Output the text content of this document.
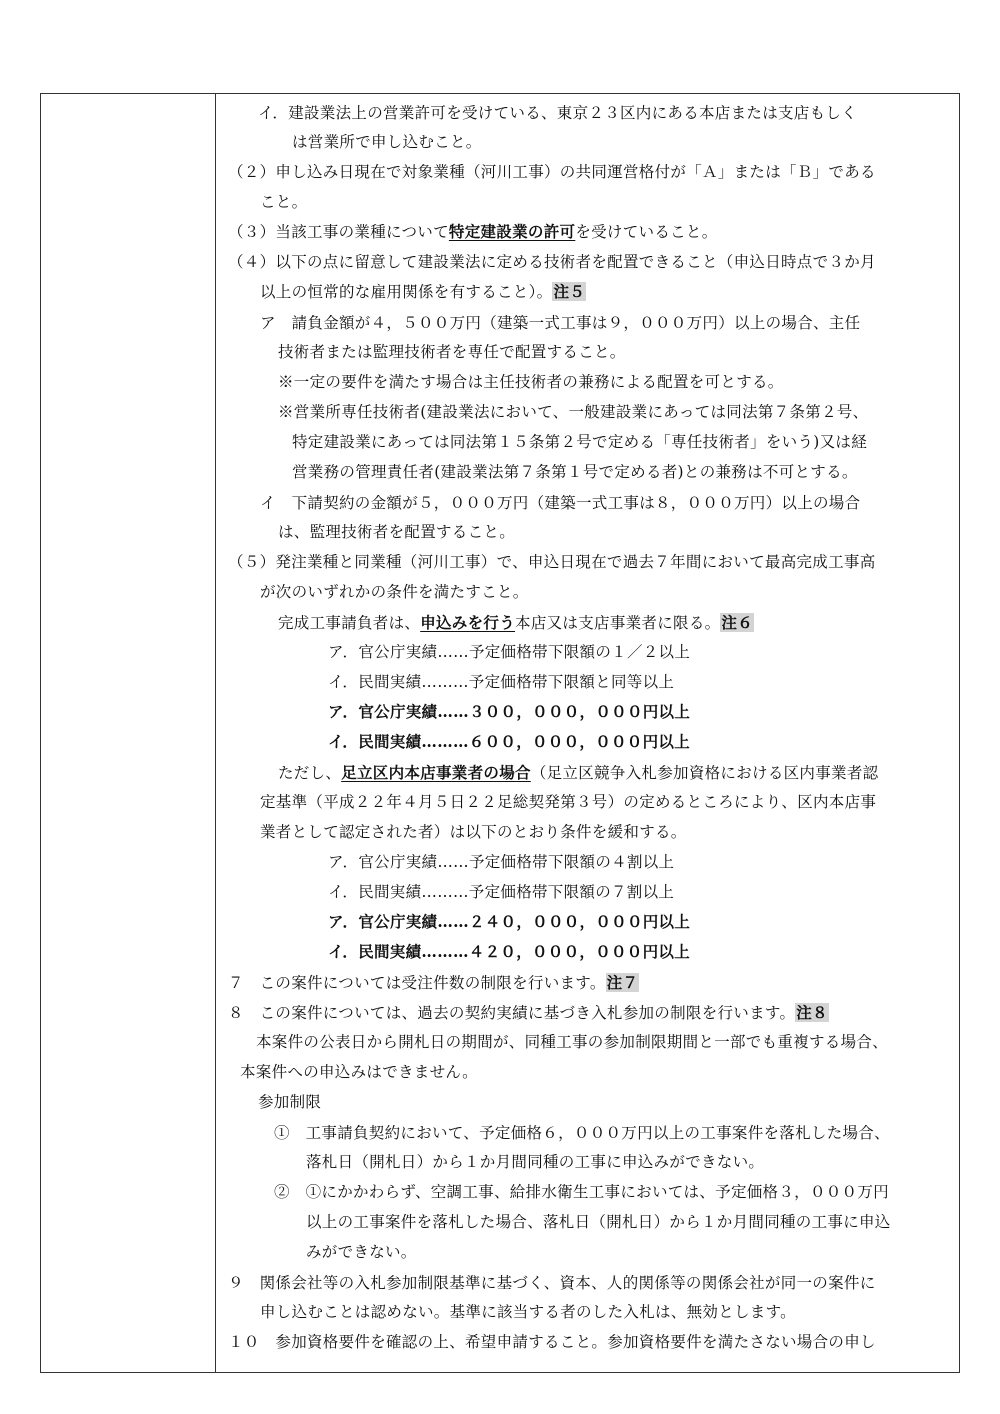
イ．建設業法上の営業許可を受けている、東京２３区内にある本店または支店もしく
は営業所で申し込むこと。
（２）申し込み日現在で対象業種（河川工事）の共同運営格付が「Ａ」または「Ｂ」である
こと。
（３）当該工事の業種について特定建設業の許可を受けていること。
（４）以下の点に留意して建設業法に定める技術者を配置できること（申込日時点で３か月
以上の恒常的な雇用関係を有すること）。注５
ア　請負金額が４，５００万円（建築一式工事は９，０００万円）以上の場合、主任
技術者または監理技術者を専任で配置すること。
※一定の要件を満たす場合は主任技術者の兼務による配置を可とする。
※営業所専任技術者(建設業法において、一般建設業にあっては同法第７条第２号、
特定建設業にあっては同法第１５条第２号で定める「専任技術者」をいう)又は経
営業務の管理責任者(建設業法第７条第１号で定める者)との兼務は不可とする。
イ　下請契約の金額が５，０００万円（建築一式工事は８，０００万円）以上の場合
は、監理技術者を配置すること。
（５）発注業種と同業種（河川工事）で、申込日現在で過去７年間において最高完成工事高
が次のいずれかの条件を満たすこと。
完成工事請負者は、申込みを行う本店又は支店事業者に限る。注６
ア．官公庁実績……予定価格帯下限額の１／２以上
イ．民間実績………予定価格帯下限額と同等以上
ア．官公庁実績……３００，０００，０００円以上
イ．民間実績………６００，０００，０００円以上
ただし、足立区内本店事業者の場合（足立区競争入札参加資格における区内事業者認
定基準（平成２２年４月５日２２足総契発第３号）の定めるところにより、区内本店事
業者として認定された者）は以下のとおり条件を緩和する。
ア．官公庁実績……予定価格帯下限額の４割以上
イ．民間実績………予定価格帯下限額の７割以上
ア．官公庁実績……２４０，０００，０００円以上
イ．民間実績………４２０，０００，０００円以上
７　この案件については受注件数の制限を行います。注７
８　この案件については、過去の契約実績に基づき入札参加の制限を行います。注８
本案件の公表日から開札日の期間が、同種工事の参加制限期間と一部でも重複する場合、
本案件への申込みはできません。
参加制限
①　工事請負契約において、予定価格６，０００万円以上の工事案件を落札した場合、
落札日（開札日）から１か月間同種の工事に申込みができない。
②　①にかかわらず、空調工事、給排水衛生工事においては、予定価格３，０００万円
以上の工事案件を落札した場合、落札日（開札日）から１か月間同種の工事に申込
みができない。
９　関係会社等の入札参加制限基準に基づく、資本、人的関係等の関係会社が同一の案件に
申し込むことは認めない。基準に該当する者のした入札は、無効とします。
１０　参加資格要件を確認の上、希望申請すること。参加資格要件を満たさない場合の申し
